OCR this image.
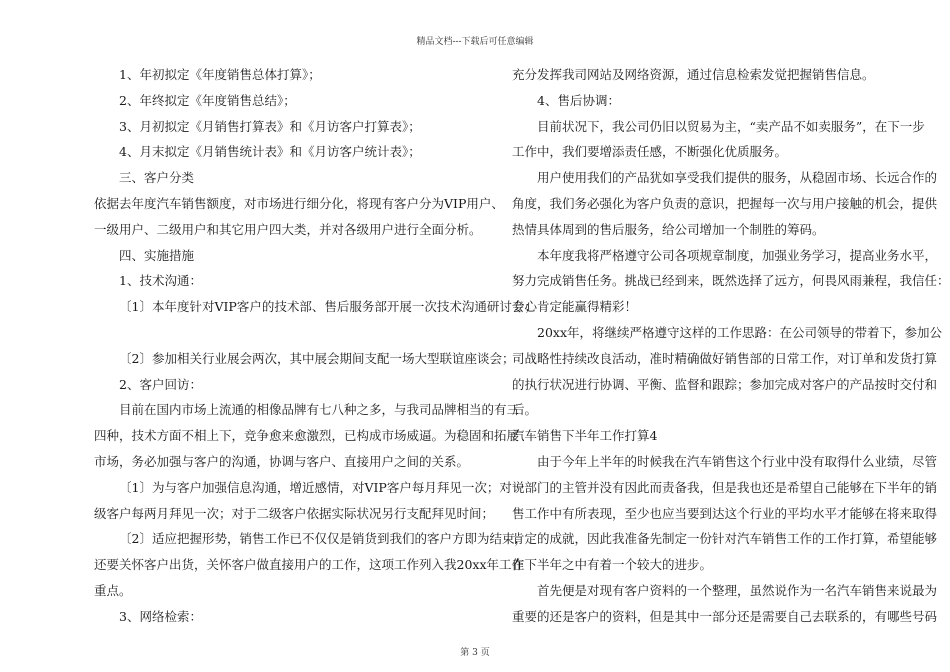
精品文档---下载后可任意编辑

1、年初拟定《年度销售总体打算》；

2、年终拟定《年度销售总结》；

3、月初拟定《月销售打算表》和《月访客户打算表》；

4、月末拟定《月销售统计表》和《月访客户统计表》；

三、客户分类

依据去年度汽车销售额度，对市场进行细分化，将现有客户分为VIP用户、

一级用户、二级用户和其它用户四大类，并对各级用户进行全面分析。

四、实施措施

1、技术沟通：

〔1〕本年度针对VIP客户的技术部、售后服务部开展一次技术沟通研讨会；

〔2〕参加相关行业展会两次，其中展会期间支配一场大型联谊座谈会；

2、客户回访：

目前在国内市场上流通的相像品牌有七八种之多，与我司品牌相当的有三

四种，技术方面不相上下，竞争愈来愈激烈，已构成市场威逼。为稳固和拓展

市场，务必加强与客户的沟通，协调与客户、直接用户之间的关系。

〔1〕为与客户加强信息沟通，增近感情，对VIP客户每月拜见一次；对一

级客户每两月拜见一次；对于二级客户依据实际状况另行支配拜见时间；

〔2〕适应把握形势，销售工作已不仅仅是销货到我们的客户方即为结束，

还要关怀客户出货，关怀客户做直接用户的工作，这项工作列入我20xx年工作

重点。

3、网络检索：

充分发挥我司网站及网络资源，通过信息检索发觉把握销售信息。

4、售后协调：

目前状况下，我公司仍旧以贸易为主，“卖产品不如卖服务”，在下一步

工作中，我们要增添责任感，不断强化优质服务。

用户使用我们的产品犹如享受我们提供的服务，从稳固市场、长远合作的

角度，我们务必强化为客户负责的意识，把握每一次与用户接触的机会，提供

热情具体周到的售后服务，给公司增加一个制胜的筹码。

本年度我将严格遵守公司各项规章制度，加强业务学习，提高业务水平，

努力完成销售任务。挑战已经到来，既然选择了远方，何畏风雨兼程，我信任：

专心肯定能赢得精彩！

20xx年，将继续严格遵守这样的工作思路：在公司领导的带着下，参加公

司战略性持续改良活动，准时精确做好销售部的日常工作，对订单和发货打算

的执行状况进行协调、平衡、监督和跟踪；参加完成对客户的产品按时交付和

后。

汽车销售下半年工作打算4

由于今年上半年的时候我在汽车销售这个行业中没有取得什么业绩，尽管

说部门的主管并没有因此而责备我，但是我也还是希望自己能够在下半年的销

售工作中有所表现，至少也应当要到达这个行业的平均水平才能够在将来取得

肯定的成就，因此我准备先制定一份针对汽车销售工作的工作打算，希望能够

在下半年之中有着一个较大的进步。

首先便是对现有客户资料的一个整理，虽然说作为一名汽车销售来说最为

重要的还是客户的资料，但是其中一部分还是需要自己去联系的，有哪些号码

第 3 页
